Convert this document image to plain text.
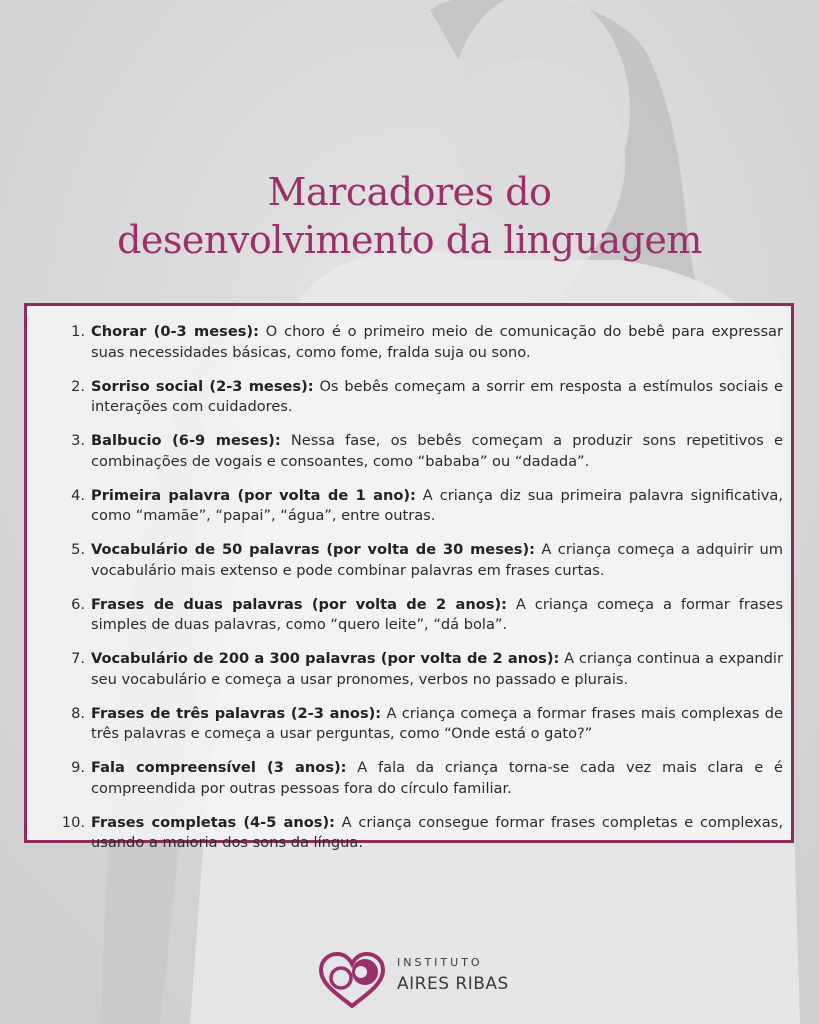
Marcadores do
desenvolvimento da linguagem
1. Chorar (0-3 meses): O choro é o primeiro meio de comunicação do bebê para expressar suas necessidades básicas, como fome, fralda suja ou sono.
2. Sorriso social (2-3 meses): Os bebês começam a sorrir em resposta a estímulos sociais e interações com cuidadores.
3. Balbucio (6-9 meses): Nessa fase, os bebês começam a produzir sons repetitivos e combinações de vogais e consoantes, como “bababa” ou “dadada”.
4. Primeira palavra (por volta de 1 ano): A criança diz sua primeira palavra significativa, como “mamãe”, “papai”, “água”, entre outras.
5. Vocabulário de 50 palavras (por volta de 30 meses): A criança começa a adquirir um vocabulário mais extenso e pode combinar palavras em frases curtas.
6. Frases de duas palavras (por volta de 2 anos): A criança começa a formar frases simples de duas palavras, como “quero leite”, “dá bola”.
7. Vocabulário de 200 a 300 palavras (por volta de 2 anos): A criança continua a expandir seu vocabulário e começa a usar pronomes, verbos no passado e plurais.
8. Frases de três palavras (2-3 anos): A criança começa a formar frases mais complexas de três palavras e começa a usar perguntas, como “Onde está o gato?”
9. Fala compreensível (3 anos): A fala da criança torna-se cada vez mais clara e é compreendida por outras pessoas fora do círculo familiar.
10. Frases completas (4-5 anos): A criança consegue formar frases completas e complexas, usando a maioria dos sons da língua.
INSTITUTO
AIRES RIBAS
